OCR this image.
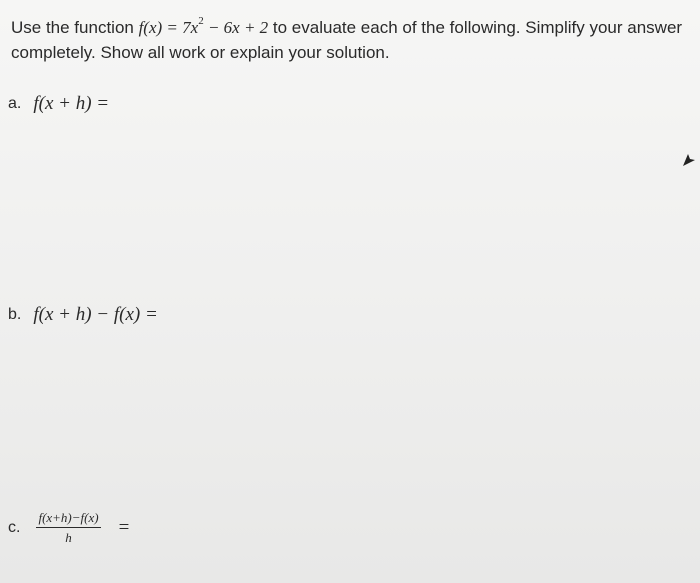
Use the function $f(x) = 7x^2 - 6x + 2$ to evaluate each of the following. Simplify your answer completely. Show all work or explain your solution.
a. f(x + h) =
b. f(x + h) − f(x) =
c. $\frac{f(x+h)-f(x)}{h}$ =
